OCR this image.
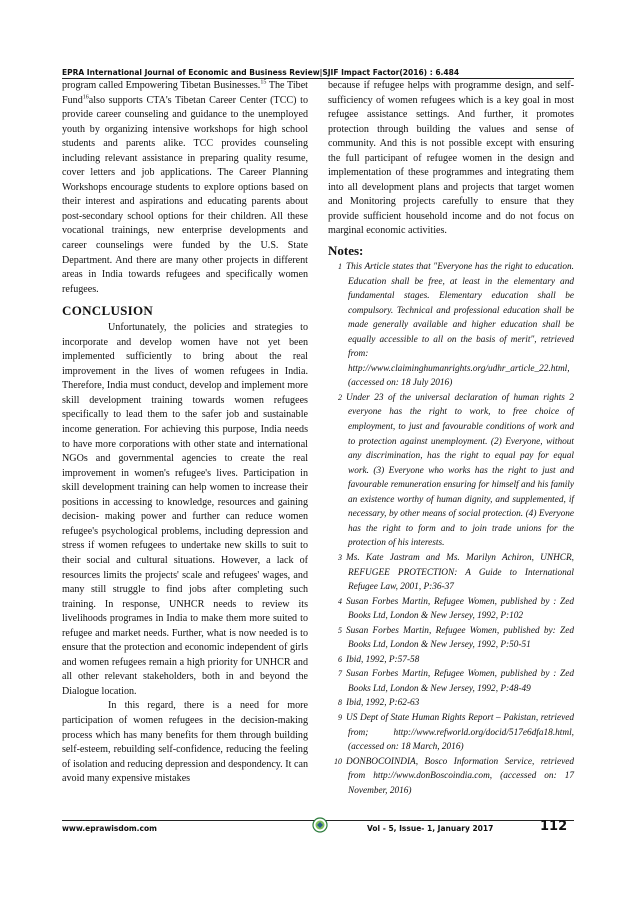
EPRA International Journal of Economic and Business Review|SJIF Impact Factor(2016) : 6.484

program called Empowering Tibetan Businesses.$^{15}$ The Tibet Fund$^{16}$also supports CTA's Tibetan Career Center (TCC) to provide career counseling and guidance to the unemployed youth by organizing intensive workshops for high school students and parents alike. TCC provides counseling including relevant assistance in preparing quality resume, cover letters and job applications. The Career Planning Workshops encourage students to explore options based on their interest and aspirations and educating parents about post-secondary school options for their children. All these vocational trainings, new enterprise developments and career counselings were funded by the U.S. State Department. And there are many other projects in different areas in India towards refugees and specifically women refugees.

CONCLUSION

Unfortunately, the policies and strategies to incorporate and develop women have not yet been implemented sufficiently to bring about the real improvement in the lives of women refugees in India. Therefore, India must conduct, develop and implement more skill development training towards women refugees specifically to lead them to the safer job and sustainable income generation. For achieving this purpose, India needs to have more corporations with other state and international NGOs and governmental agencies to create the real improvement in women's refugee's lives. Participation in skill development training can help women to increase their positions in accessing to knowledge, resources and gaining decision- making power and further can reduce women refugee's psychological problems, including depression and stress if women refugees to undertake new skills to suit to their social and cultural situations. However, a lack of resources limits the projects' scale and refugees' wages, and many still struggle to find jobs after completing such training. In response, UNHCR needs to review its livelihoods programes in India to make them more suited to refugee and market needs. Further, what is now needed is to ensure that the protection and economic independent of girls and women refugees remain a high priority for UNHCR and all other relevant stakeholders, both in and beyond the Dialogue location.

In this regard, there is a need for more participation of women refugees in the decision-making process which has many benefits for them through building self-esteem, rebuilding self-confidence, reducing the feeling of isolation and reducing depression and despondency. It can avoid many expensive mistakes

because if refugee helps with programme design, and self- sufficiency of women refugees which is a key goal in most refugee assistance settings. And further, it promotes protection through building the values and sense of community. And this is not possible except with ensuring the full participant of refugee women in the design and implementation of these programmes and integrating them into all development plans and projects that target women and Monitoring projects carefully to ensure that they provide sufficient household income and do not focus on marginal economic activities.

Notes:

1 This Article states that "Everyone has the right to education. Education shall be free, at least in the elementary and fundamental stages. Elementary education shall be compulsory. Technical and professional education shall be made generally available and higher education shall be equally accessible to all on the basis of merit", retrieved from: http://www.claiminghumanrights.org/udhr_article_22.html, (accessed on: 18 July 2016)

2 Under 23 of the universal declaration of human rights 2 everyone has the right to work, to free choice of employment, to just and favourable conditions of work and to protection against unemployment. (2) Everyone, without any discrimination, has the right to equal pay for equal work. (3) Everyone who works has the right to just and favourable remuneration ensuring for himself and his family an existence worthy of human dignity, and supplemented, if necessary, by other means of social protection. (4) Everyone has the right to form and to join trade unions for the protection of his interests.

3 Ms. Kate Jastram and Ms. Marilyn Achiron, UNHCR, REFUGEE PROTECTION: A Guide to International Refugee Law, 2001, P:36-37

4 Susan Forbes Martin, Refugee Women, published by : Zed Books Ltd, London & New Jersey, 1992, P:102

5 Susan Forbes Martin, Refugee Women, published by: Zed Books Ltd, London & New Jersey, 1992, P:50-51

6 Ibid, 1992, P:57-58

7 Susan Forbes Martin, Refugee Women, published by : Zed Books Ltd, London & New Jersey, 1992, P:48-49

8 Ibid, 1992, P:62-63

9 US Dept of State Human Rights Report – Pakistan, retrieved from; http://www.refworld.org/docid/517e6dfa18.html, (accessed on: 18 March, 2016)

10 DONBOCOINDIA, Bosco Information Service, retrieved from http://www.donBoscoindia.com, (accessed on: 17 November, 2016)

www.eprawisdom.com	Vol - 5, Issue- 1, January 2017	112
